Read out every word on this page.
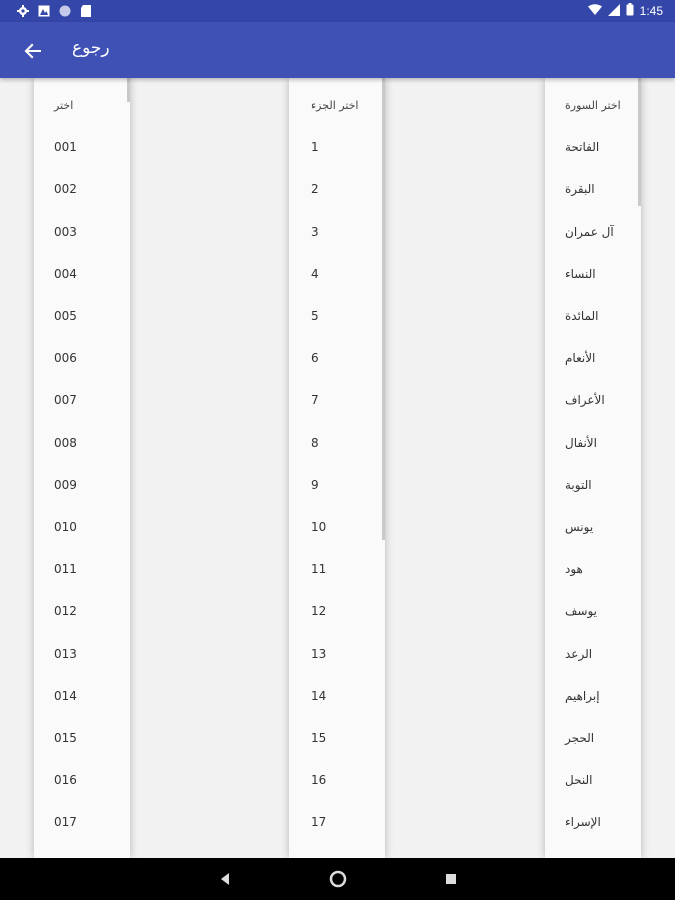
1:45
رجوع
اختر
001
002
003
004
005
006
007
008
009
010
011
012
013
014
015
016
017
اختر الجزء
1
2
3
4
5
6
7
8
9
10
11
12
13
14
15
16
17
اختر السورة
الفاتحة
البقرة
آل عمران
النساء
المائدة
الأنعام
الأعراف
الأنفال
التوبة
يونس
هود
يوسف
الرعد
إبراهيم
الحجر
النحل
الإسراء
